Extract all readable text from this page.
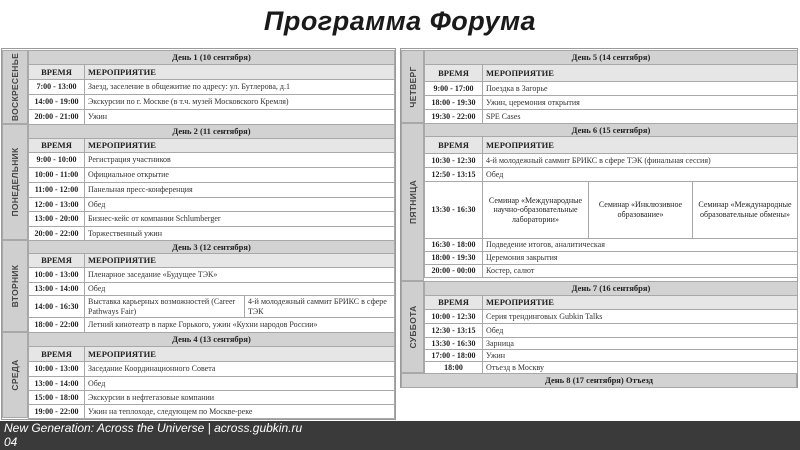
Программа Форума
ВОСКРЕСЕНЬЕ	День 1 (10 сентября)	
ВРЕМЯ	МЕРОПРИЯТИЕ
7:00 - 13:00	Заезд, заселение в общежитие по адресу: ул. Бутлерова, д.1
14:00 - 19:00	Экскурсии по г. Москве (в т.ч. музей Московского Кремля)
20:00 - 21:00	Ужин
ПОНЕДЕЛЬНИК
День 2 (11 сентября)	
ВРЕМЯ	МЕРОПРИЯТИЕ
9:00 - 10:00	Регистрация участников
10:00 - 11:00	Официальное открытие
11:00 - 12:00	Панельная пресс-конференция
12:00 - 13:00	Обед
13:00 - 20:00	Бизнес-кейс от компании Schlumberger
20:00 - 22:00	Торжественный ужин
ВТОРНИК
День 3 (12 сентября)		
ВРЕМЯ	МЕРОПРИЯТИЕ	
10:00 - 13:00	Пленарное заседание «Будущее ТЭК»	
13:00 - 14:00	Обед	
14:00 - 16:30	Выставка карьерных возможностей (Career Pathways Fair)	4-й молодежный саммит БРИКС в сфере ТЭК
18:00 - 22:00	Летний кинотеатр в парке Горького, ужин «Кухни народов России»	
СРЕДА
День 4 (13 сентября)	
ВРЕМЯ	МЕРОПРИЯТИЕ
10:00 - 13:00	Заседание Координационного Совета
13:00 - 14:00	Обед
15:00 - 18:00	Экскурсии в нефтегазовые компании
19:00 - 22:00	Ужин на теплоходе, следующем по Москве-реке
ЧЕТВЕРГ
День 5 (14 сентября)	
ВРЕМЯ	МЕРОПРИЯТИЕ
9:00 - 17:00	Поездка в Загорье
18:00 - 19:30	Ужин, церемония открытия
19:30 - 22:00	SPE Cases
ПЯТНИЦА
День 6 (15 сентября)			
ВРЕМЯ	МЕРОПРИЯТИЕ		
10:30 - 12:30	4-й молодежный саммит БРИКС в сфере ТЭК (финальная сессия)		
12:50 - 13:15	Обед		
13:30 - 16:30	Семинар «Международные научно-образовательные лаборатории»	Семинар «Инклюзивное образование»	Семинар «Международные образовательные обмены»
16:30 - 18:00	Подведение итогов, аналитическая		
18:00 - 19:30	Церемония закрытия		
20:00 - 00:00	Костер, салют		
СУББОТА
День 7 (16 сентября)	
ВРЕМЯ	МЕРОПРИЯТИЕ
10:00 - 12:30	Серия трендинговых Gubkin Talks
12:30 - 13:15	Обед
13:30 - 16:30	Зарница
17:00 - 18:00	Ужин
18:00	Отъезд в Москву
День 8 (17 сентября) Отъезд
New Generation: Across the Universe | across.gubkin.ru
04
